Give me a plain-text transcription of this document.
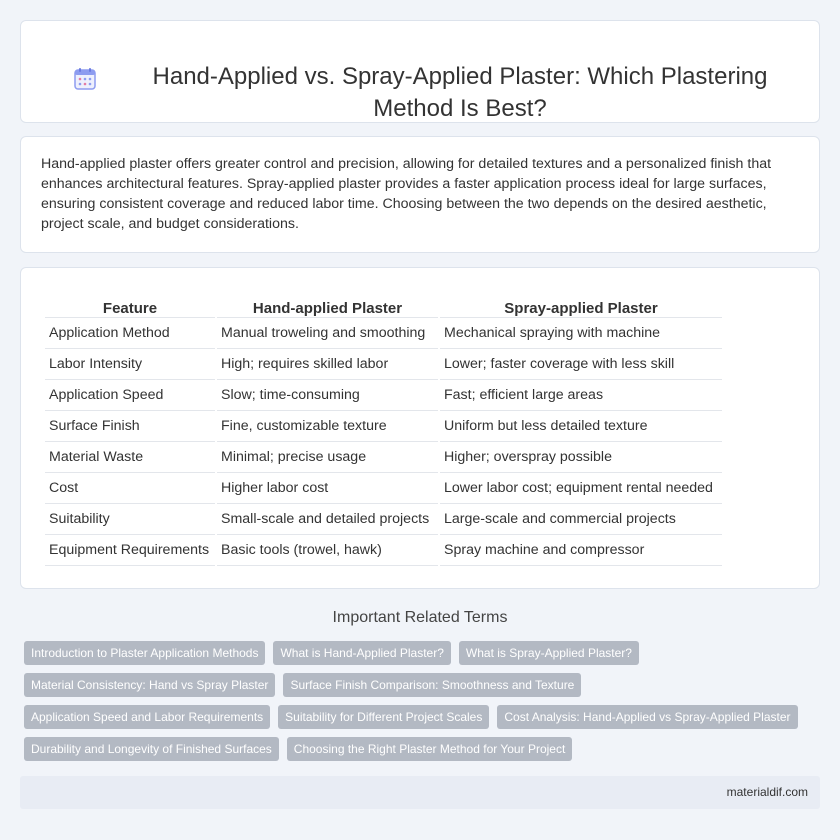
Hand-Applied vs. Spray-Applied Plaster: Which Plastering Method Is Best?

Hand-applied plaster offers greater control and precision, allowing for detailed textures and a personalized finish that enhances architectural features. Spray-applied plaster provides a faster application process ideal for large surfaces, ensuring consistent coverage and reduced labor time. Choosing between the two depends on the desired aesthetic, project scale, and budget considerations.

Feature	Hand-applied Plaster	Spray-applied Plaster
Application Method	Manual troweling and smoothing	Mechanical spraying with machine
Labor Intensity	High; requires skilled labor	Lower; faster coverage with less skill
Application Speed	Slow; time-consuming	Fast; efficient large areas
Surface Finish	Fine, customizable texture	Uniform but less detailed texture
Material Waste	Minimal; precise usage	Higher; overspray possible
Cost	Higher labor cost	Lower labor cost; equipment rental needed
Suitability	Small-scale and detailed projects	Large-scale and commercial projects
Equipment Requirements	Basic tools (trowel, hawk)	Spray machine and compressor
Important Related Terms
Introduction to Plaster Application Methods	What is Hand-Applied Plaster?	What is Spray-Applied Plaster?
Material Consistency: Hand vs Spray Plaster	Surface Finish Comparison: Smoothness and Texture
Application Speed and Labor Requirements	Suitability for Different Project Scales	Cost Analysis: Hand-Applied vs Spray-Applied Plaster
Durability and Longevity of Finished Surfaces	Choosing the Right Plaster Method for Your Project
materialdif.com
